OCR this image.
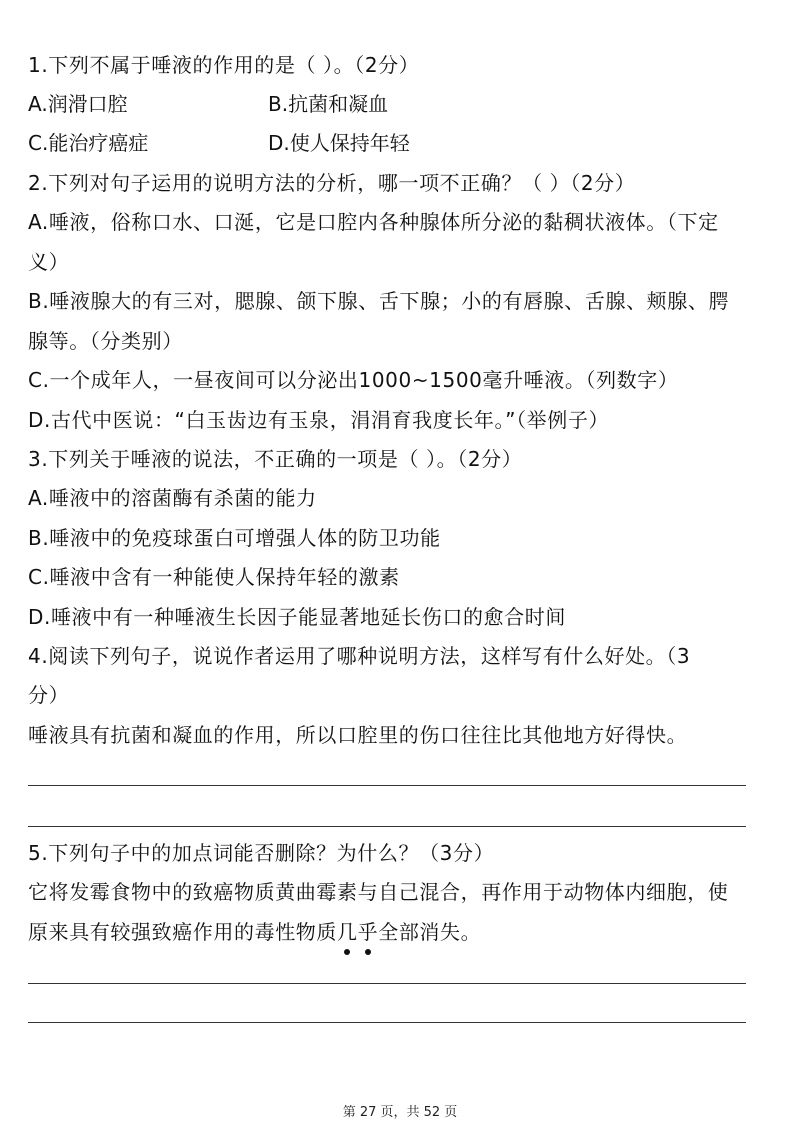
1.下列不属于唾液的作用的是（ ）。（2分）
A.润滑口腔	B.抗菌和凝血
C.能治疗癌症	D.使人保持年轻
2.下列对句子运用的说明方法的分析，哪一项不正确？（ ）（2分）
A.唾液，俗称口水、口涎，它是口腔内各种腺体所分泌的黏稠状液体。（下定
义）
B.唾液腺大的有三对，腮腺、颌下腺、舌下腺；小的有唇腺、舌腺、颊腺、腭
腺等。（分类别）
C.一个成年人，一昼夜间可以分泌出1000~1500毫升唾液。（列数字）
D.古代中医说：“白玉齿边有玉泉，涓涓育我度长年。”（举例子）
3.下列关于唾液的说法，不正确的一项是（ ）。（2分）
A.唾液中的溶菌酶有杀菌的能力
B.唾液中的免疫球蛋白可增强人体的防卫功能
C.唾液中含有一种能使人保持年轻的激素
D.唾液中有一种唾液生长因子能显著地延长伤口的愈合时间
4.阅读下列句子，说说作者运用了哪种说明方法，这样写有什么好处。（3
分）
唾液具有抗菌和凝血的作用，所以口腔里的伤口往往比其他地方好得快。
5.下列句子中的加点词能否删除？为什么？（3分）
它将发霉食物中的致癌物质黄曲霉素与自己混合，再作用于动物体内细胞，使
原来具有较强致癌作用的毒性物质几乎全部消失。
第 27 页，共 52 页
